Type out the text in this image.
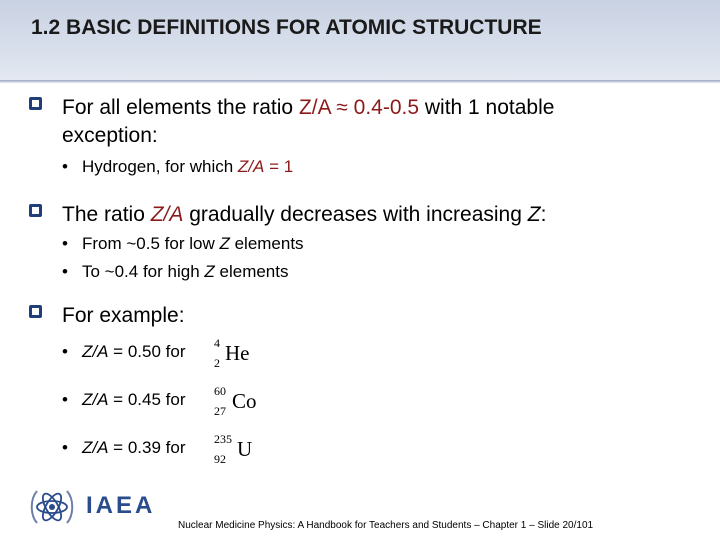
1.2 BASIC DEFINITIONS FOR ATOMIC STRUCTURE
For all elements the ratio Z/A ≈ 0.4-0.5 with 1 notable
exception:
• Hydrogen, for which Z/A = 1
The ratio Z/A gradually decreases with increasing Z:
• From ~0.5 for low Z elements
• To ~0.4 for high Z elements
For example:
• Z/A = 0.50 for 4
2 He
• Z/A = 0.45 for 60
27 Co
• Z/A = 0.39 for 235
92 U
IAEA
Nuclear Medicine Physics: A Handbook for Teachers and Students – Chapter 1 – Slide 20/101
